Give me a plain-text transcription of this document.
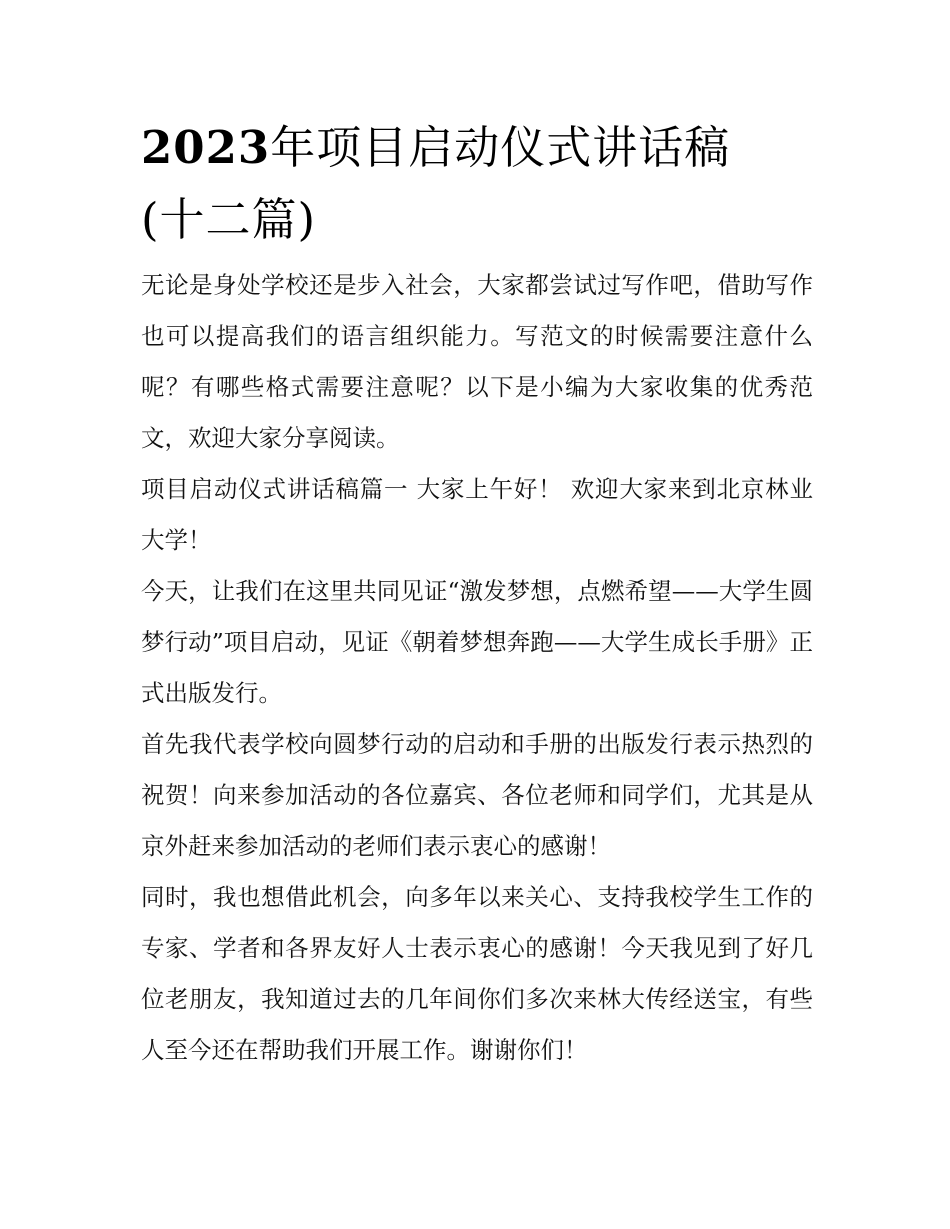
2023年项目启动仪式讲话稿
(十二篇)

无论是身处学校还是步入社会，大家都尝试过写作吧，借助写作也可以提高我们的语言组织能力。写范文的时候需要注意什么呢？有哪些格式需要注意呢？以下是小编为大家收集的优秀范文，欢迎大家分享阅读。

项目启动仪式讲话稿篇一 大家上午好！ 欢迎大家来到北京林业大学！

今天，让我们在这里共同见证“激发梦想，点燃希望——大学生圆梦行动”项目启动，见证《朝着梦想奔跑——大学生成长手册》正式出版发行。

首先我代表学校向圆梦行动的启动和手册的出版发行表示热烈的祝贺！向来参加活动的各位嘉宾、各位老师和同学们，尤其是从京外赶来参加活动的老师们表示衷心的感谢！

同时，我也想借此机会，向多年以来关心、支持我校学生工作的专家、学者和各界友好人士表示衷心的感谢！今天我见到了好几位老朋友，我知道过去的几年间你们多次来林大传经送宝，有些人至今还在帮助我们开展工作。谢谢你们！
